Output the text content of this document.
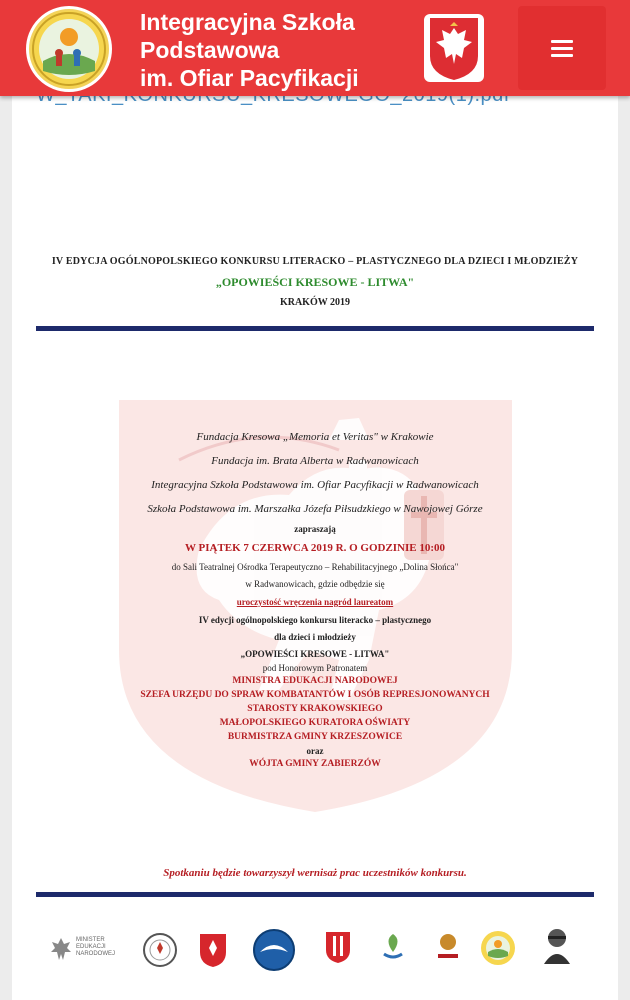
Integracyjna Szkoła
Podstawowa
im. Ofiar Pacyfikacji
IV EDYCJA OGÓLNOPOLSKIEGO KONKURSU LITERACKO – PLASTYCZNEGO DLA DZIECI I MŁODZIEŻY
„OPOWIEŚCI KRESOWE - LITWA"
KRAKÓW 2019
Fundacja Kresowa „Memoria et Veritas" w Krakowie
Fundacja im. Brata Alberta w Radwanowicach
Integracyjna Szkoła Podstawowa im. Ofiar Pacyfikacji w Radwanowicach
Szkoła Podstawowa im. Marszałka Józefa Piłsudzkiego w Nawojowej Górze
zapraszają
W PIĄTEK 7 CZERWCA 2019 R. O GODZINIE 10:00
do Sali Teatralnej Ośrodka Terapeutyczno – Rehabilitacyjnego „Dolina Słońca"
w Radwanowicach, gdzie odbędzie się
uroczystość wręczenia nagród laureatom
IV edycji ogólnopolskiego konkursu literacko – plastycznego
dla dzieci i młodzieży
„OPOWIEŚCI KRESOWE - LITWA"
pod Honorowym Patronatem
MINISTRA EDUKACJI NARODOWEJ
SZEFA URZĘDU DO SPRAW KOMBATANTÓW I OSÓB REPRESJONOWANYCH
STAROSTY KRAKOWSKIEGO
MAŁOPOLSKIEGO KURATORA OŚWIATY
BURMISTRZA GMINY KRZESZOWICE
oraz
WÓJTA GMINY ZABIERZÓW
Spotkaniu będzie towarzyszył wernisaż prac uczestników konkursu.
MINISTER
EDUKACJI
NARODOWEJ
